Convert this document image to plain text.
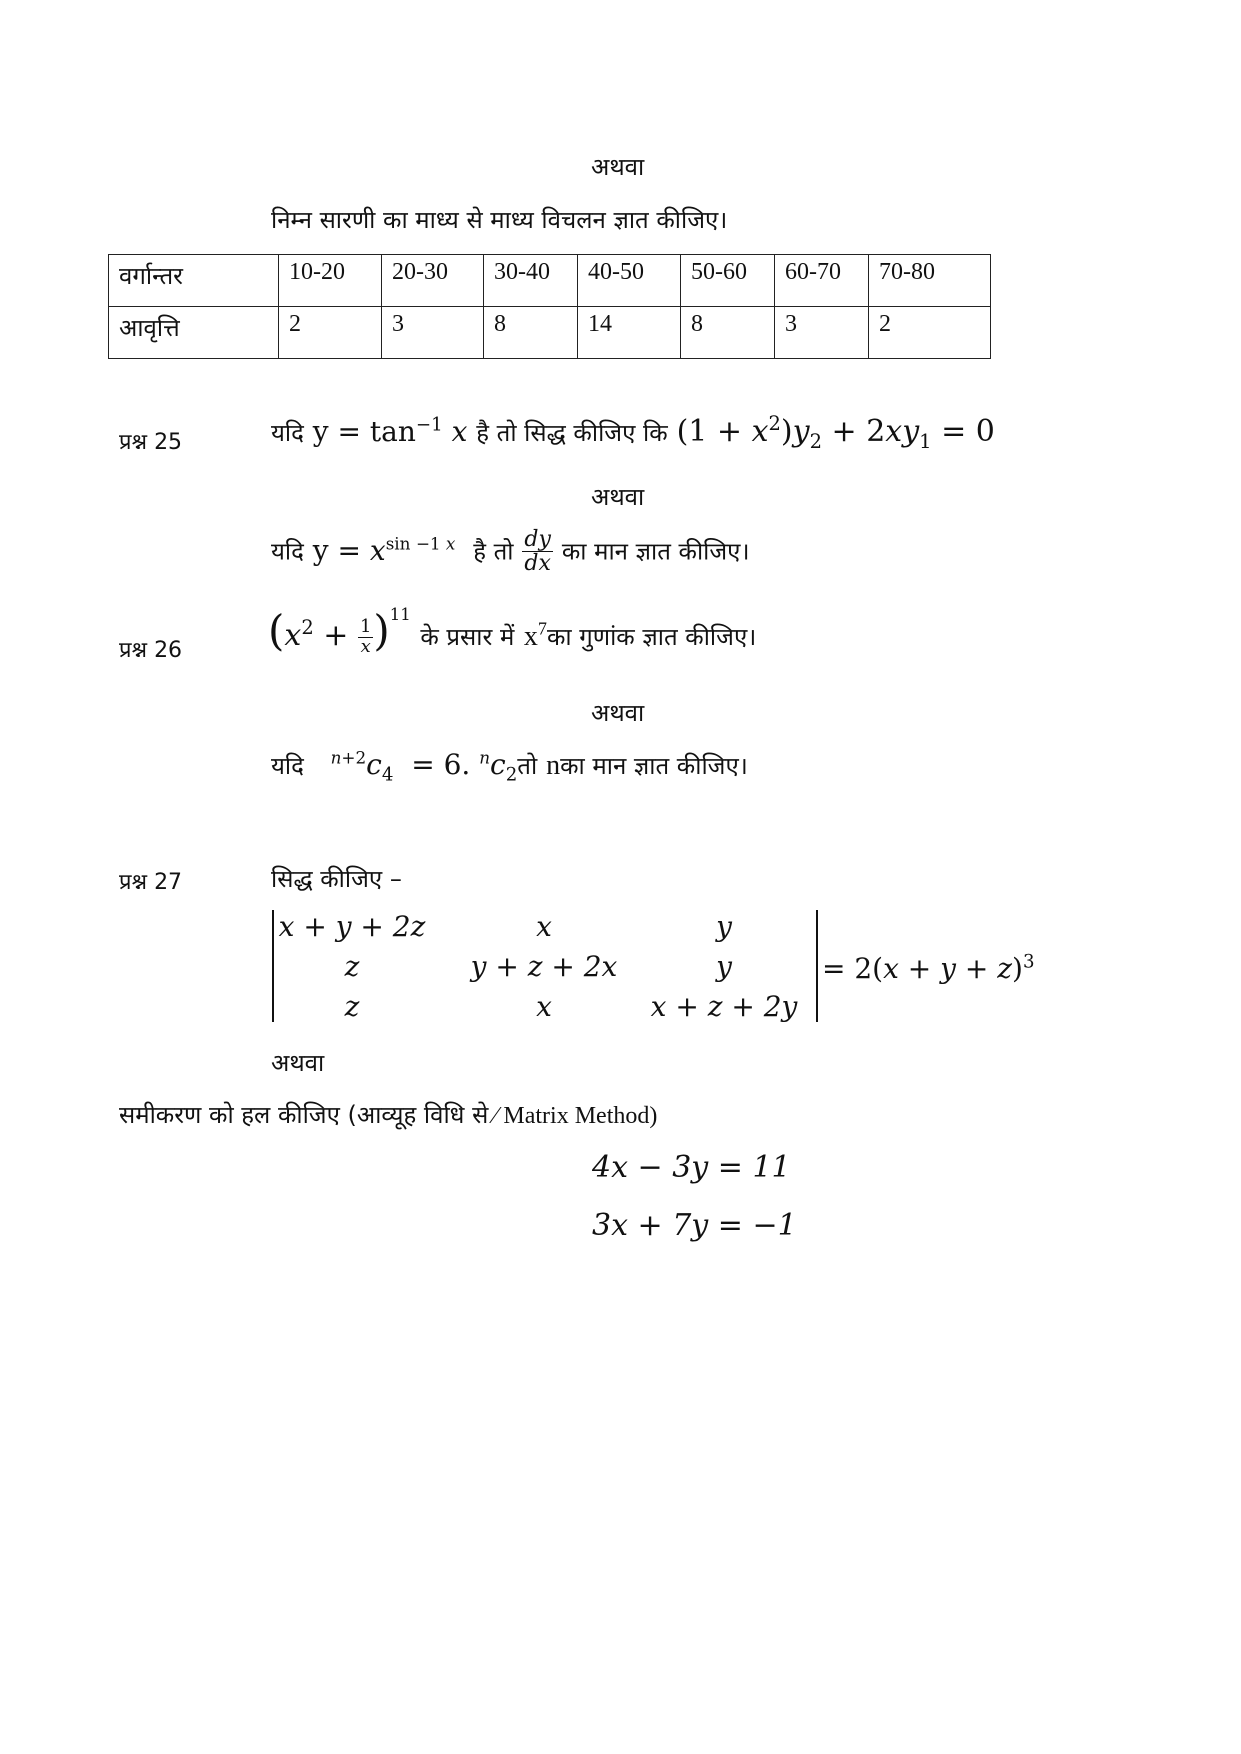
अथवा
निम्न सारणी का माध्य से माध्य विचलन ज्ञात कीजिए।
वर्गान्तर	10-20	20-30	30-40	40-50	50-60	60-70	70-80
आवृत्ति	2	3	8	14	8	3	2
प्रश्न 25	यदि $y = \tan^{-1} x$ है तो सिद्ध कीजिए कि $(1 + x^2)y_2 + 2xy_1 = 0$
अथवा
यदि $y = x^{sin -1 x}$ है तो $\frac{dy}{dx}$ का मान ज्ञात कीजिए।
प्रश्न 26 $(x^2 + \frac{1}{x} )^{11}$ के प्रसार में $x^7का$ गुणांक ज्ञात कीजिए।
अथवा
यदि $^{n+2}c_4 = 6$. $^nc_2तो$ nका मान ज्ञात कीजिए।
प्रश्न 27	सिद्ध कीजिए –
x + y + 2z	x	y
z	y + z + 2x	y
z	x	x + z + 2y
= $2(x + y + z)^3$
अथवा
समीकरण को हल कीजिए (आव्यूह विधि से ⁄ Matrix Method)
4x − 3y = 11
3x + 7y = −1
